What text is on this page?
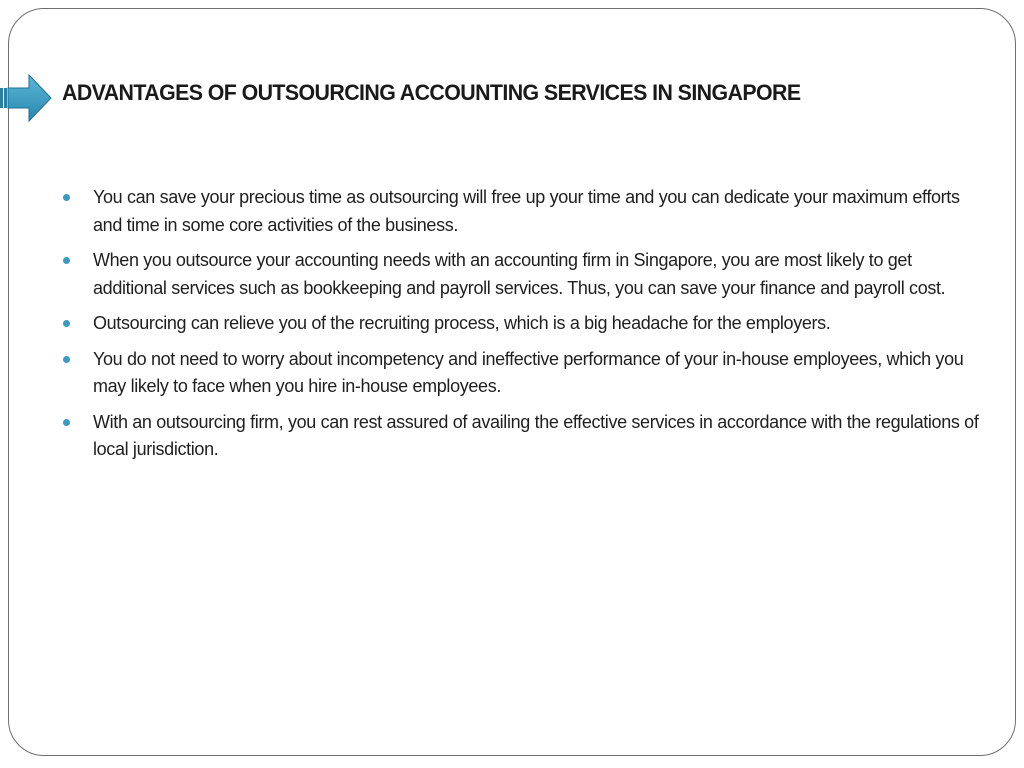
ADVANTAGES OF OUTSOURCING ACCOUNTING SERVICES IN SINGAPORE
You can save your precious time as outsourcing will free up your time and you can dedicate your maximum efforts and time in some core activities of the business.
When you outsource your accounting needs with an accounting firm in Singapore, you are most likely to get additional services such as bookkeeping and payroll services. Thus, you can save your finance and payroll cost.
Outsourcing can relieve you of the recruiting process, which is a big headache for the employers.
You do not need to worry about incompetency and ineffective performance of your in-house employees, which you may likely to face when you hire in-house employees.
With an outsourcing firm, you can rest assured of availing the effective services in accordance with the regulations of local jurisdiction.
